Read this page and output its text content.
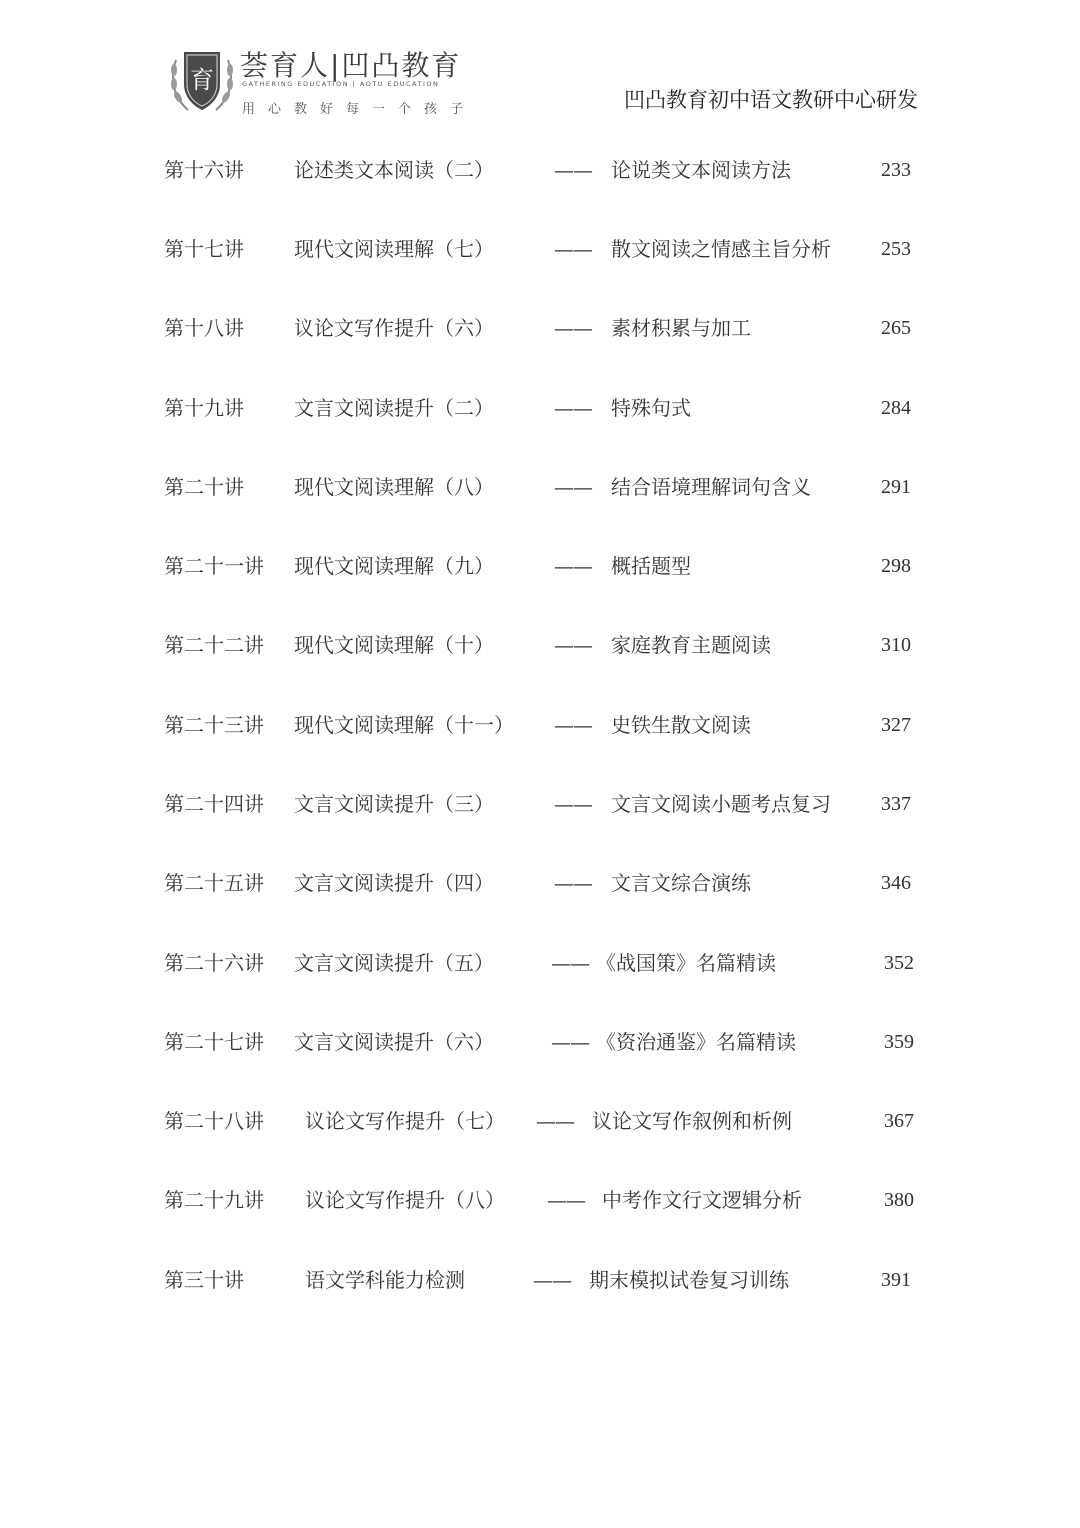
育 荟育人|凹凸教育
GATHERING EDUCATION | AOTU EDUCATION
用心教好每一个孩子	凹凸教育初中语文教研中心研发
第十六讲	论述类文本阅读（二）	—— 论说类文本阅读方法	233
第十七讲	现代文阅读理解（七）	—— 散文阅读之情感主旨分析	253
第十八讲	议论文写作提升（六）	—— 素材积累与加工	265
第十九讲	文言文阅读提升（二）	—— 特殊句式	284
第二十讲	现代文阅读理解（八）	—— 结合语境理解词句含义	291
第二十一讲 现代文阅读理解（九）	—— 概括题型	298
第二十二讲 现代文阅读理解（十）	—— 家庭教育主题阅读	310
第二十三讲 现代文阅读理解（十一） —— 史铁生散文阅读	327
第二十四讲 文言文阅读提升（三）	—— 文言文阅读小题考点复习	337
第二十五讲 文言文阅读提升（四）	—— 文言文综合演练	346
第二十六讲 文言文阅读提升（五）	—— 《战国策》名篇精读	352
第二十七讲 文言文阅读提升（六）	—— 《资治通鉴》名篇精读	359
第二十八讲 议论文写作提升（七） —— 议论文写作叙例和析例	367
第二十九讲 议论文写作提升（八） —— 中考作文行文逻辑分析	380
第三十讲	语文学科能力检测	—— 期末模拟试卷复习训练	391
